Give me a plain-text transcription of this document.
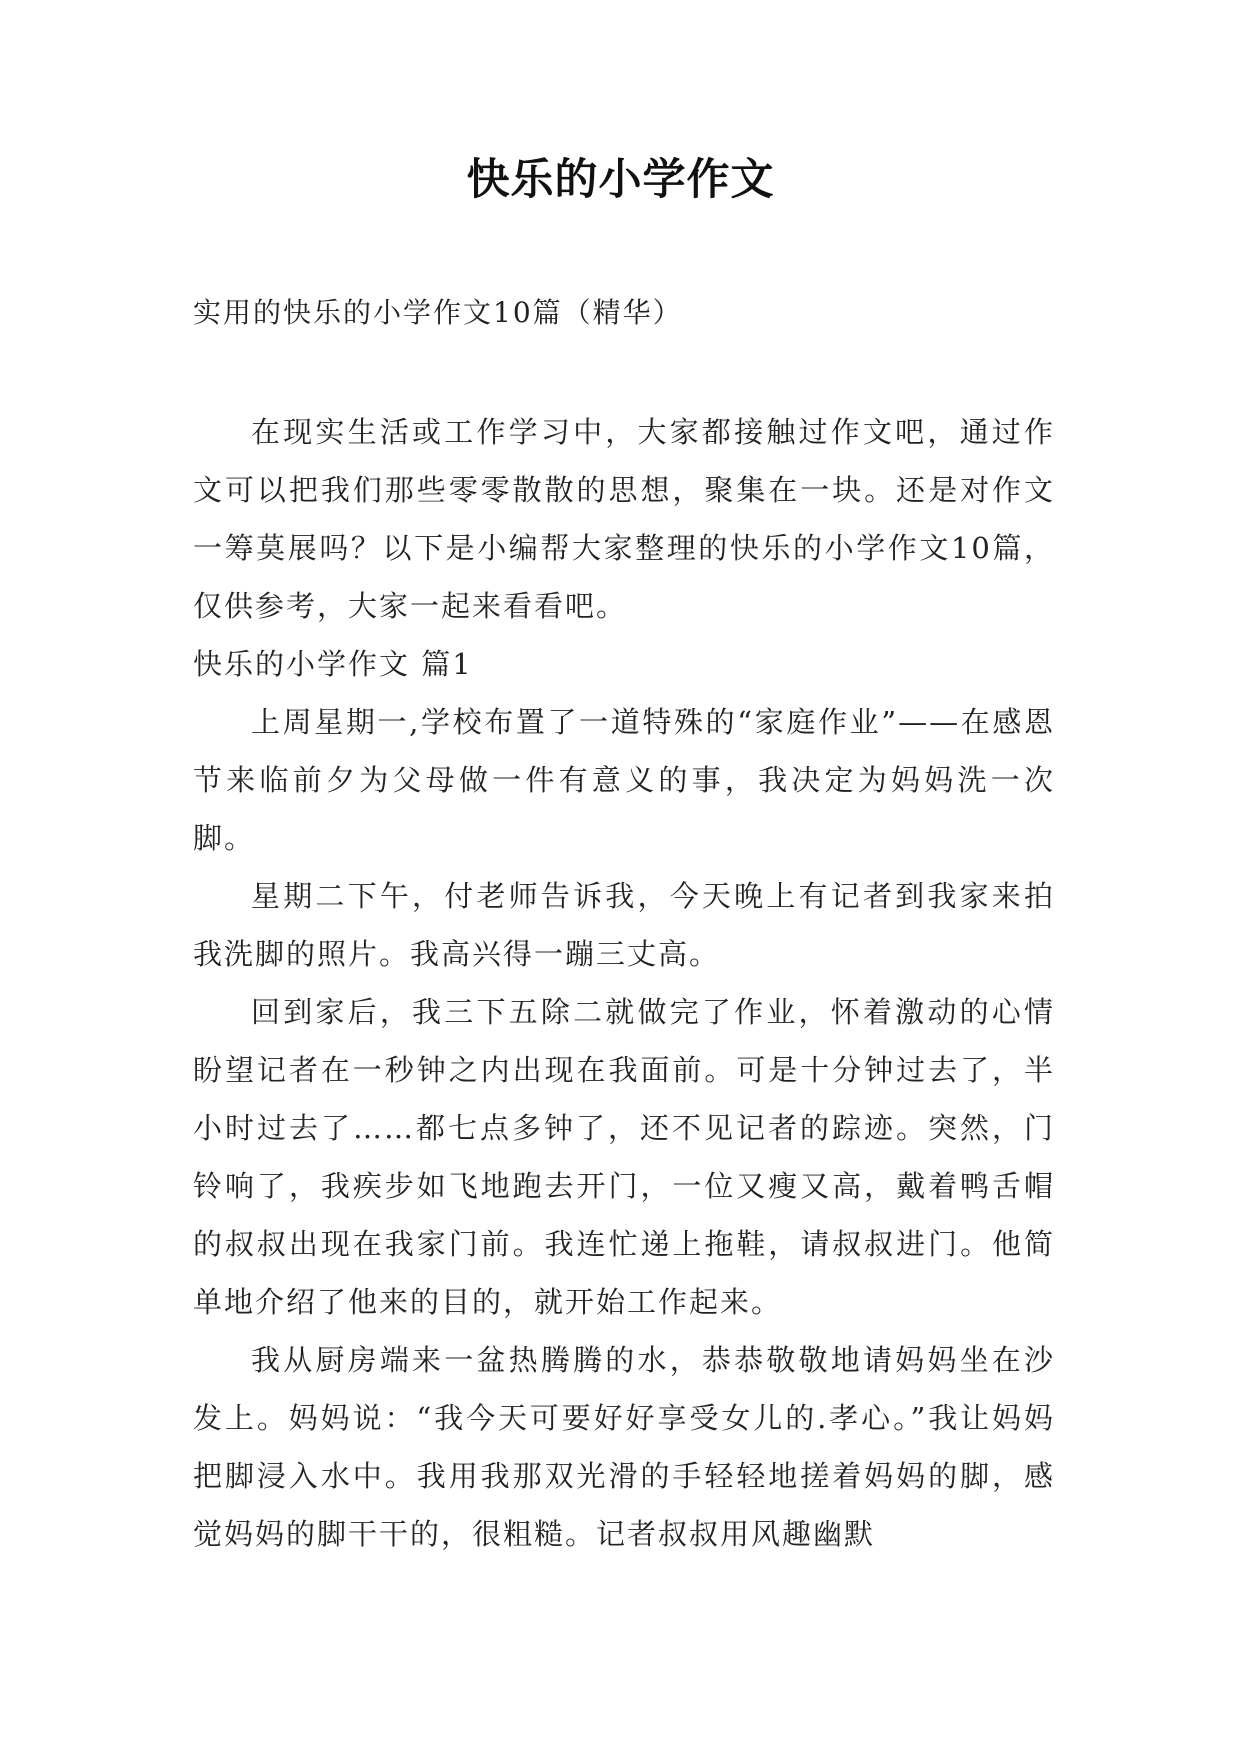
快乐的小学作文

实用的快乐的小学作文10篇（精华）

在现实生活或工作学习中，大家都接触过作文吧，通过作文可以把我们那些零零散散的思想，聚集在一块。还是对作文一筹莫展吗？以下是小编帮大家整理的快乐的小学作文10篇，仅供参考，大家一起来看看吧。

快乐的小学作文 篇1

上周星期一,学校布置了一道特殊的“家庭作业”——在感恩节来临前夕为父母做一件有意义的事，我决定为妈妈洗一次脚。

星期二下午，付老师告诉我，今天晚上有记者到我家来拍我洗脚的照片。我高兴得一蹦三丈高。

回到家后，我三下五除二就做完了作业，怀着激动的心情盼望记者在一秒钟之内出现在我面前。可是十分钟过去了，半小时过去了……都七点多钟了，还不见记者的踪迹。突然，门铃响了，我疾步如飞地跑去开门，一位又瘦又高，戴着鸭舌帽的叔叔出现在我家门前。我连忙递上拖鞋，请叔叔进门。他简单地介绍了他来的目的，就开始工作起来。

我从厨房端来一盆热腾腾的水，恭恭敬敬地请妈妈坐在沙发上。妈妈说：“我今天可要好好享受女儿的.孝心。”我让妈妈把脚浸入水中。我用我那双光滑的手轻轻地搓着妈妈的脚，感觉妈妈的脚干干的，很粗糙。记者叔叔用风趣幽默
